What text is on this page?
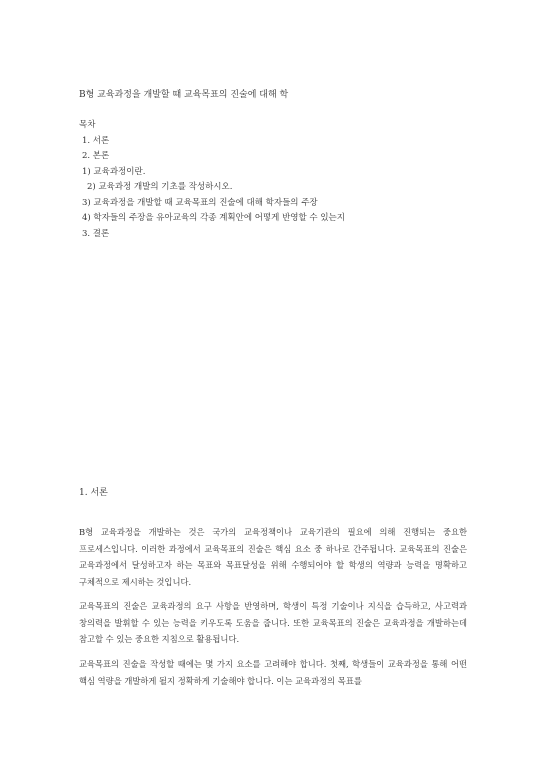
B형 교육과정을 개발할 때 교육목표의 진술에 대해 학
목차
1. 서론
2. 본론
1) 교육과정이란.
2) 교육과정 개발의 기초를 작성하시오.
3) 교육과정을 개발할 때 교육목표의 진술에 대해 학자들의 주장
4) 학자들의 주장을 유아교육의 각종 계획안에 어떻게 반영할 수 있는지
3. 결론
1. 서론
B형 교육과정을 개발하는 것은 국가의 교육정책이나 교육기관의 필요에 의해 진행되는 중요한 프로세스입니다. 이러한 과정에서 교육목표의 진술은 핵심 요소 중 하나로 간주됩니다. 교육목표의 진술은 교육과정에서 달성하고자 하는 목표와 목표달성을 위해 수행되어야 할 학생의 역량과 능력을 명확하고 구체적으로 제시하는 것입니다.
교육목표의 진술은 교육과정의 요구 사항을 반영하며, 학생이 특정 기술이나 지식을 습득하고, 사고력과 창의력을 발휘할 수 있는 능력을 키우도록 도움을 줍니다. 또한 교육목표의 진술은 교육과정을 개발하는데 참고할 수 있는 중요한 지침으로 활용됩니다.
교육목표의 진술을 작성할 때에는 몇 가지 요소를 고려해야 합니다. 첫째, 학생들이 교육과정을 통해 어떤 핵심 역량을 개발하게 될지 정확하게 기술해야 합니다. 이는 교육과정의 목표를
